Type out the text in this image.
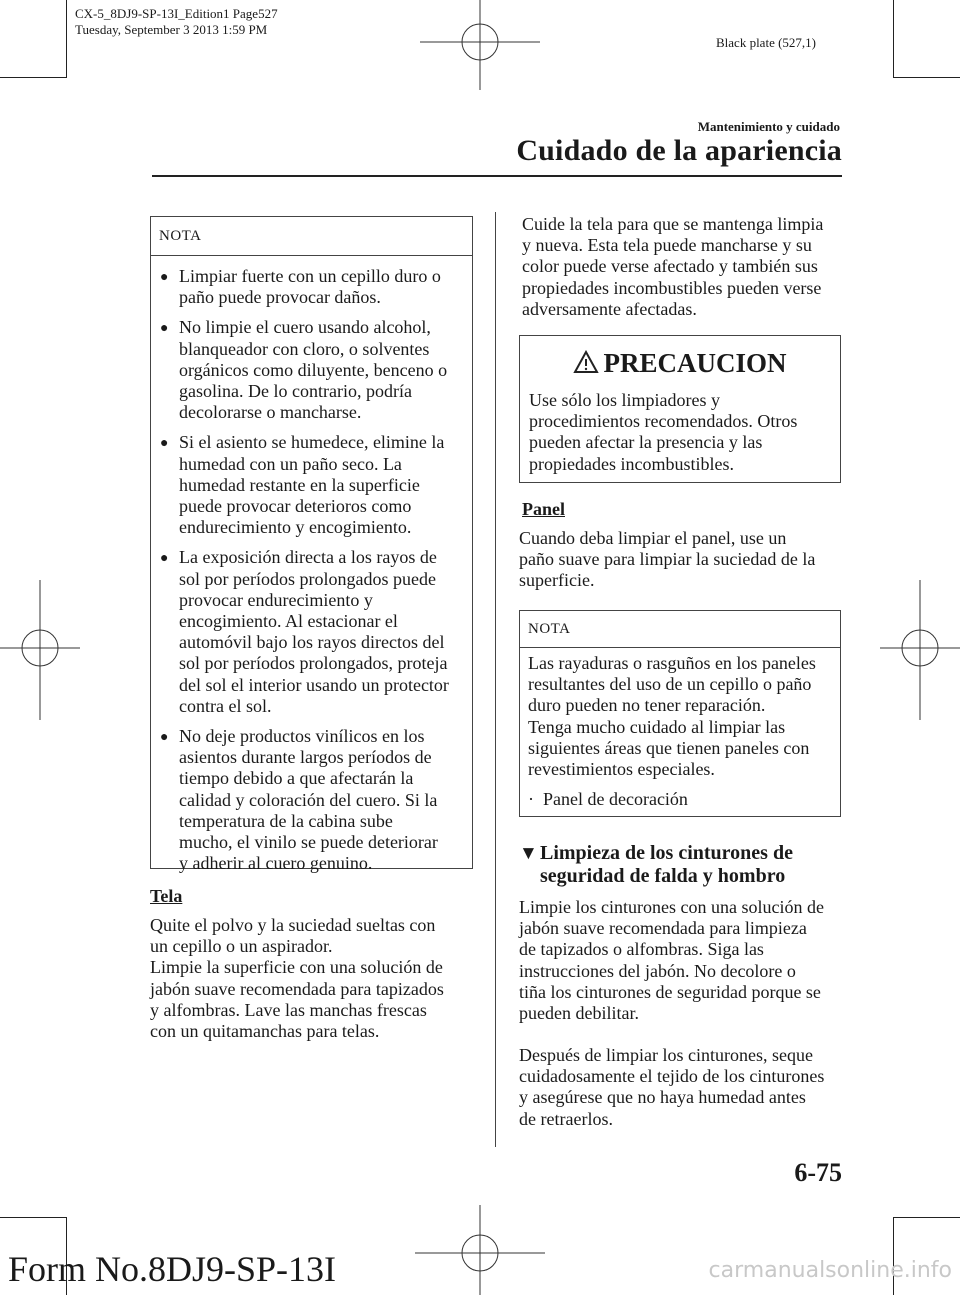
CX-5_8DJ9-SP-13I_Edition1 Page527
Tuesday, September 3 2013 1:59 PM
Black plate (527,1)
Mantenimiento y cuidado
Cuidado de la apariencia
NOTA
● Limpiar fuerte con un cepillo duro o
paño puede provocar daños.
● No limpie el cuero usando alcohol,
blanqueador con cloro, o solventes
orgánicos como diluyente, benceno o
gasolina. De lo contrario, podría
decolorarse o mancharse.
● Si el asiento se humedece, elimine la
humedad con un paño seco. La
humedad restante en la superficie
puede provocar deterioros como
endurecimiento y encogimiento.
● La exposición directa a los rayos de
sol por períodos prolongados puede
provocar endurecimiento y
encogimiento. Al estacionar el
automóvil bajo los rayos directos del
sol por períodos prolongados, proteja
del sol el interior usando un protector
contra el sol.
● No deje productos vinílicos en los
asientos durante largos períodos de
tiempo debido a que afectarán la
calidad y coloración del cuero. Si la
temperatura de la cabina sube
mucho, el vinilo se puede deteriorar
y adherir al cuero genuino.
Tela
Quite el polvo y la suciedad sueltas con
un cepillo o un aspirador.
Limpie la superficie con una solución de
jabón suave recomendada para tapizados
y alfombras. Lave las manchas frescas
con un quitamanchas para telas.
Cuide la tela para que se mantenga limpia
y nueva. Esta tela puede mancharse y su
color puede verse afectado y también sus
propiedades incombustibles pueden verse
adversamente afectadas.
PRECAUCION
Use sólo los limpiadores y
procedimientos recomendados. Otros
pueden afectar la presencia y las
propiedades incombustibles.
Panel
Cuando deba limpiar el panel, use un
paño suave para limpiar la suciedad de la
superficie.
NOTA
Las rayaduras o rasguños en los paneles
resultantes del uso de un cepillo o paño
duro pueden no tener reparación.
Tenga mucho cuidado al limpiar las
siguientes áreas que tienen paneles con
revestimientos especiales.
· Panel de decoración
▼ Limpieza de los cinturones de
seguridad de falda y hombro
Limpie los cinturones con una solución de
jabón suave recomendada para limpieza
de tapizados o alfombras. Siga las
instrucciones del jabón. No decolore o
tiña los cinturones de seguridad porque se
pueden debilitar.
Después de limpiar los cinturones, seque
cuidadosamente el tejido de los cinturones
y asegúrese que no haya humedad antes
de retraerlos.
6-75
Form No.8DJ9-SP-13I	carmanualsonline.info
